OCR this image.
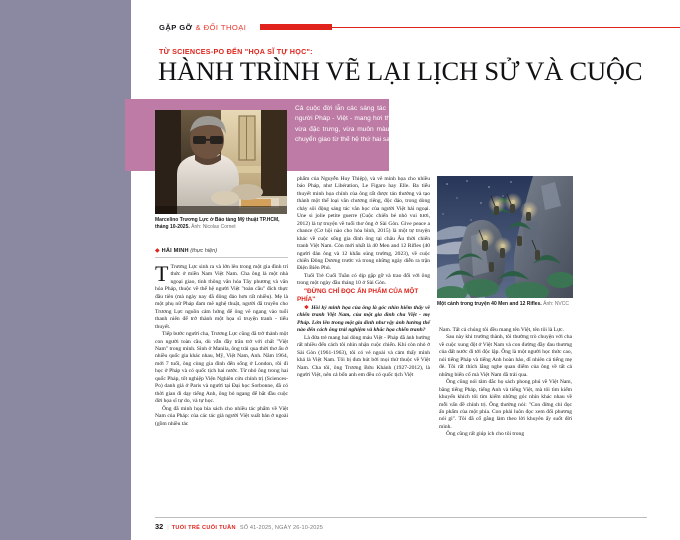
GẶP GỠ & ĐỐI THOẠI
TỪ SCIENCES-PO ĐẾN "HỌA SĨ TỰ HỌC":
HÀNH TRÌNH VẼ LẠI LỊCH SỬ VÀ CUỘC
Cả cuộc đời lẫn các sáng tác của Marcelino Trương Lực - tiểu thuyết gia họa hình người Pháp - Việt - mang hơi thở của một thời đại đầy biến động, của một cộng đồng vừa đặc trưng, vừa muôn màu muôn vẻ lớp lớp người Việt bốn phương, nay đang chuyển giao từ thế hệ thứ hai sang thứ ba, thứ tư.
Marcelino Trương Lực ở Bảo tàng Mỹ thuật TP.HCM, tháng 10-2025. Ảnh: Nicolas Cornet
◆ HẢI MINH (thực hiện)

T Trương Lực sinh ra và lớn lên trong một gia đình trí thức ở miền Nam Việt Nam. Cha ông là một nhà ngoại giao, tinh thông văn hóa Tây phương và văn hóa Pháp, thuộc về thế hệ người Việt "toàn cầu" đích thực đầu tiên (mà ngày nay đã đông đảo hơn rất nhiều). Mẹ là một phụ nữ Pháp đam mê nghệ thuật, người đã truyền cho Trương Lực nguồn cảm hứng để ông vẽ ngang vào tuổi thanh niên để trở thành một họa sĩ truyện tranh - tiểu thuyết.

Tiếp bước người cha, Trương Lực cũng đã trở thành một con người toàn cầu, dù vẫn đầy trăn trở với chất "Việt Nam" trong mình. Sinh ở Manila, ông trải qua thời thơ ấu ở nhiều quốc gia khác nhau, Mỹ, Việt Nam, Anh. Năm 1964, mới 7 tuổi, ông cùng gia đình đến sống ở London, rồi đi học ở Pháp và có quốc tịch hai nước. Từ nhỏ ông trong hai quốc Pháp, tốt nghiệp Viện Nghiên cứu chính trị (Sciences-Po) danh giá ở Paris và người tại Đại học Sorbonne, đã có thời gian đi dạy tiếng Anh, ông bỏ ngang để bắt đầu cuộc đời họa sĩ tự do, và tự học.

Ông đã minh họa bìa sách cho nhiều tác phẩm về Việt Nam của Pháp: của các tác giả người Việt xuất bản ở ngoài (gồm nhiều tác

phẩm của Nguyễn Huy Thiệp), và vẽ minh họa cho nhiều báo Pháp, như Libération, Le Figaro hay Elle. Ba tiểu thuyết minh họa chính của ông rất được tán thưởng và tạo thành một thể loại văn chương riêng, độc đáo, trong dòng chảy sôi động sáng tác văn học của người Việt hải ngoại. Une si jolie petite guerre (Cuộc chiến bé nhỏ vui tươi, 2012) là tự truyện về tuổi thơ ông ở Sài Gòn. Give peace a chance (Cơ hội nào cho hòa bình, 2015) là một tự truyện khác về cuộc sống gia đình ông tại châu Âu thời chiến tranh Việt Nam. Còn mới nhất là 40 Men and 12 Rifles (40 người đàn ông và 12 khẩu súng trường, 2023), về cuộc chiến Đông Dương trước và trong những ngày diễn ra trận Điện Biên Phủ.

Tuổi Trẻ Cuối Tuần có dịp gặp gỡ và trao đổi với ông trong một ngày đầu tháng 10 ở Sài Gòn.

"ĐỪNG CHỈ ĐỌC ẤN PHẨM CỦA MỘT PHÍA"

❖ Hồi ký minh họa của ông là góc nhìn hiếm thấy về chiến tranh Việt Nam, của một gia đình cha Việt - mẹ Pháp. Lớn lên trong một gia đình như vậy ảnh hưởng thế nào đến cách ông trải nghiệm và khắc họa chiến tranh?

Là đứa trẻ mang hai dòng máu Việt - Pháp đã ảnh hưởng rất nhiều đến cách tôi nhìn nhận cuộc chiến. Khi còn nhỏ ở Sài Gòn (1961-1963), tôi có vẻ ngoài và cảm thấy mình khá là Việt Nam. Tôi bị đưa hút bởi mọi thứ thuộc về Việt Nam. Cha tôi, ông Trương Bửu Khánh (1927-2012), là người Việt, nên cả bốn anh em đều có quốc tịch Việt

Một cảnh trong truyện 40 Men and 12 Rifles. Ảnh: NVCC

Nam. Tất cả chúng tôi đều mang tên Việt, tên tôi là Lực.

Sau này khi trưởng thành, tôi thường trò chuyện với cha về cuộc xung đột ở Việt Nam và con đường đầy đau thương của đất nước đi tới độc lập. Ông là một người học thức cao, nói tiếng Pháp và tiếng Anh hoàn hảo, dĩ nhiên cả tiếng mẹ đẻ. Tôi rất thích lắng nghe quan điểm của ông về tất cả những biến cố mà Việt Nam đã trải qua.

Ông cũng nói tâm đắc họ sách phong phú về Việt Nam, bằng tiếng Pháp, tiếng Anh và tiếng Việt, mà tôi tìm kiếm khuyến khích tôi tìm kiếm những góc nhìn khác nhau về mỗi vấn đề chính trị. Ông thường nói: "Con đừng chỉ đọc ấn phẩm của một phía. Con phải luôn đọc xem đối phương nói gì". Tôi đã cố gắng làm theo lời khuyên ấy suốt đời mình.

Ông cũng rất giúp ích cho tôi trong

32 | TUỔI TRẺ CUỐI TUẦN SỐ 41-2025, NGÀY 26-10-2025
